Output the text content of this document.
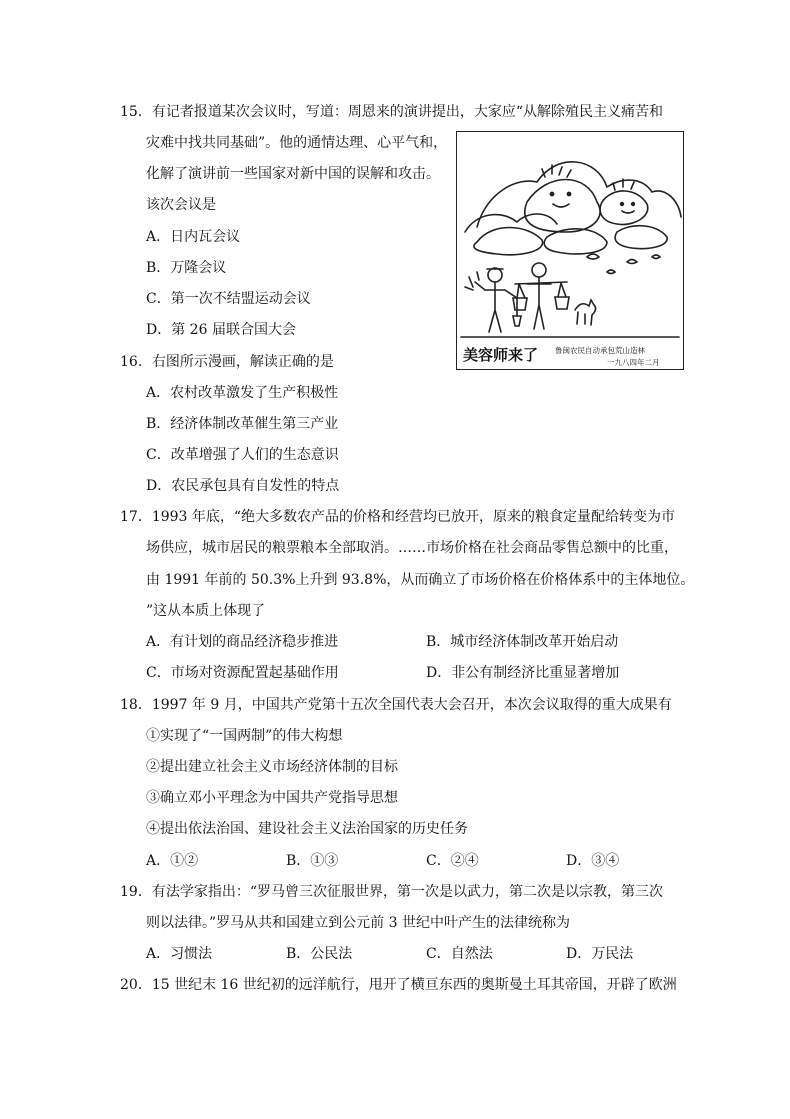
15．有记者报道某次会议时，写道：周恩来的演讲提出，大家应“从解除殖民主义痛苦和
灾难中找共同基础”。他的通情达理、心平气和，
化解了演讲前一些国家对新中国的误解和攻击。
该次会议是
A．日内瓦会议
B．万隆会议
C．第一次不结盟运动会议
D．第 26 届联合国大会
美容师来了 鲁闽农民自动承包荒山造林
一九八四年二月
16．右图所示漫画，解读正确的是
A．农村改革激发了生产积极性
B．经济体制改革催生第三产业
C．改革增强了人们的生态意识
D．农民承包具有自发性的特点
17．1993 年底，“绝大多数农产品的价格和经营均已放开，原来的粮食定量配给转变为市
场供应，城市居民的粮票粮本全部取消。……市场价格在社会商品零售总额中的比重，
由 1991 年前的 50.3%上升到 93.8%，从而确立了市场价格在价格体系中的主体地位。
”这从本质上体现了
A．有计划的商品经济稳步推进	B．城市经济体制改革开始启动
C．市场对资源配置起基础作用	D．非公有制经济比重显著增加
18．1997 年 9 月，中国共产党第十五次全国代表大会召开，本次会议取得的重大成果有
①实现了“一国两制”的伟大构想
②提出建立社会主义市场经济体制的目标
③确立邓小平理念为中国共产党指导思想
④提出依法治国、建设社会主义法治国家的历史任务
A．①②	B．①③	C．②④	D．③④
19．有法学家指出：“罗马曾三次征服世界，第一次是以武力，第二次是以宗教，第三次
则以法律。”罗马从共和国建立到公元前 3 世纪中叶产生的法律统称为
A．习惯法	B．公民法	C．自然法	D．万民法
20．15 世纪末 16 世纪初的远洋航行，甩开了横亘东西的奥斯曼土耳其帝国，开辟了欧洲
